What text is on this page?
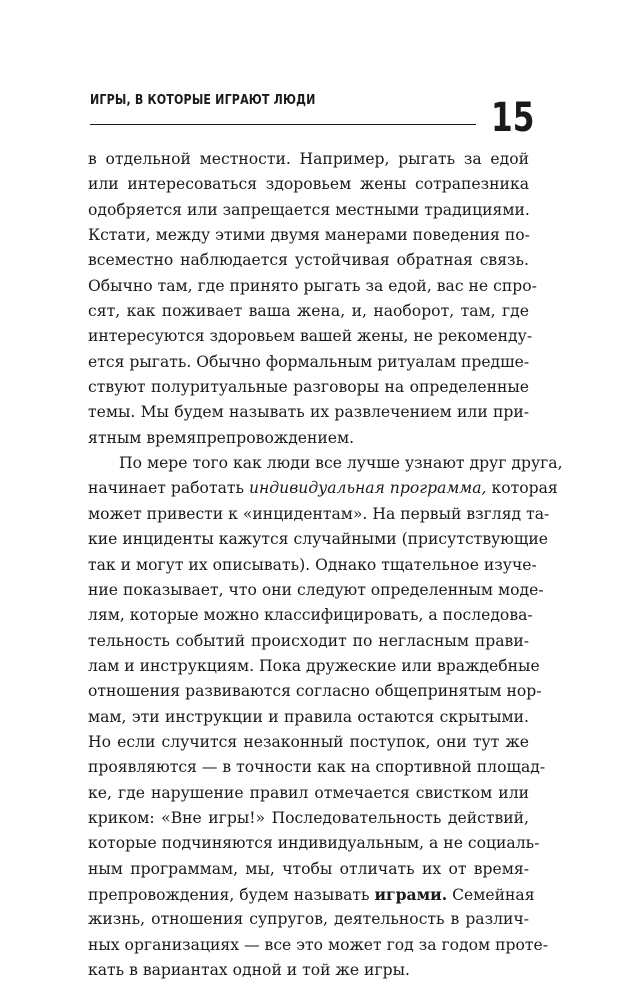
ИГРЫ, В КОТОРЫЕ ИГРАЮТ ЛЮДИ	15
в отдельной местности. Например, рыгать за едой
или интересоваться здоровьем жены сотрапезника
одобряется или запрещается местными традициями.
Кстати, между этими двумя манерами поведения по-
всеместно наблюдается устойчивая обратная связь.
Обычно там, где принято рыгать за едой, вас не спро-
сят, как поживает ваша жена, и, наоборот, там, где
интересуются здоровьем вашей жены, не рекоменду-
ется рыгать. Обычно формальным ритуалам предше-
ствуют полуритуальные разговоры на определенные
темы. Мы будем называть их развлечением или при-
ятным времяпрепровождением.
По мере того как люди все лучше узнают друг друга,
начинает работать индивидуальная программа, которая
может привести к «инцидентам». На первый взгляд та-
кие инциденты кажутся случайными (присутствующие
так и могут их описывать). Однако тщательное изуче-
ние показывает, что они следуют определенным моде-
лям, которые можно классифицировать, а последова-
тельность событий происходит по негласным прави-
лам и инструкциям. Пока дружеские или враждебные
отношения развиваются согласно общепринятым нор-
мам, эти инструкции и правила остаются скрытыми.
Но если случится незаконный поступок, они тут же
проявляются — в точности как на спортивной площад-
ке, где нарушение правил отмечается свистком или
криком: «Вне игры!» Последовательность действий,
которые подчиняются индивидуальным, а не социаль-
ным программам, мы, чтобы отличать их от время-
препровождения, будем называть играми. Семейная
жизнь, отношения супругов, деятельность в различ-
ных организациях — все это может год за годом протe-
кать в вариантах одной и той же игры.
